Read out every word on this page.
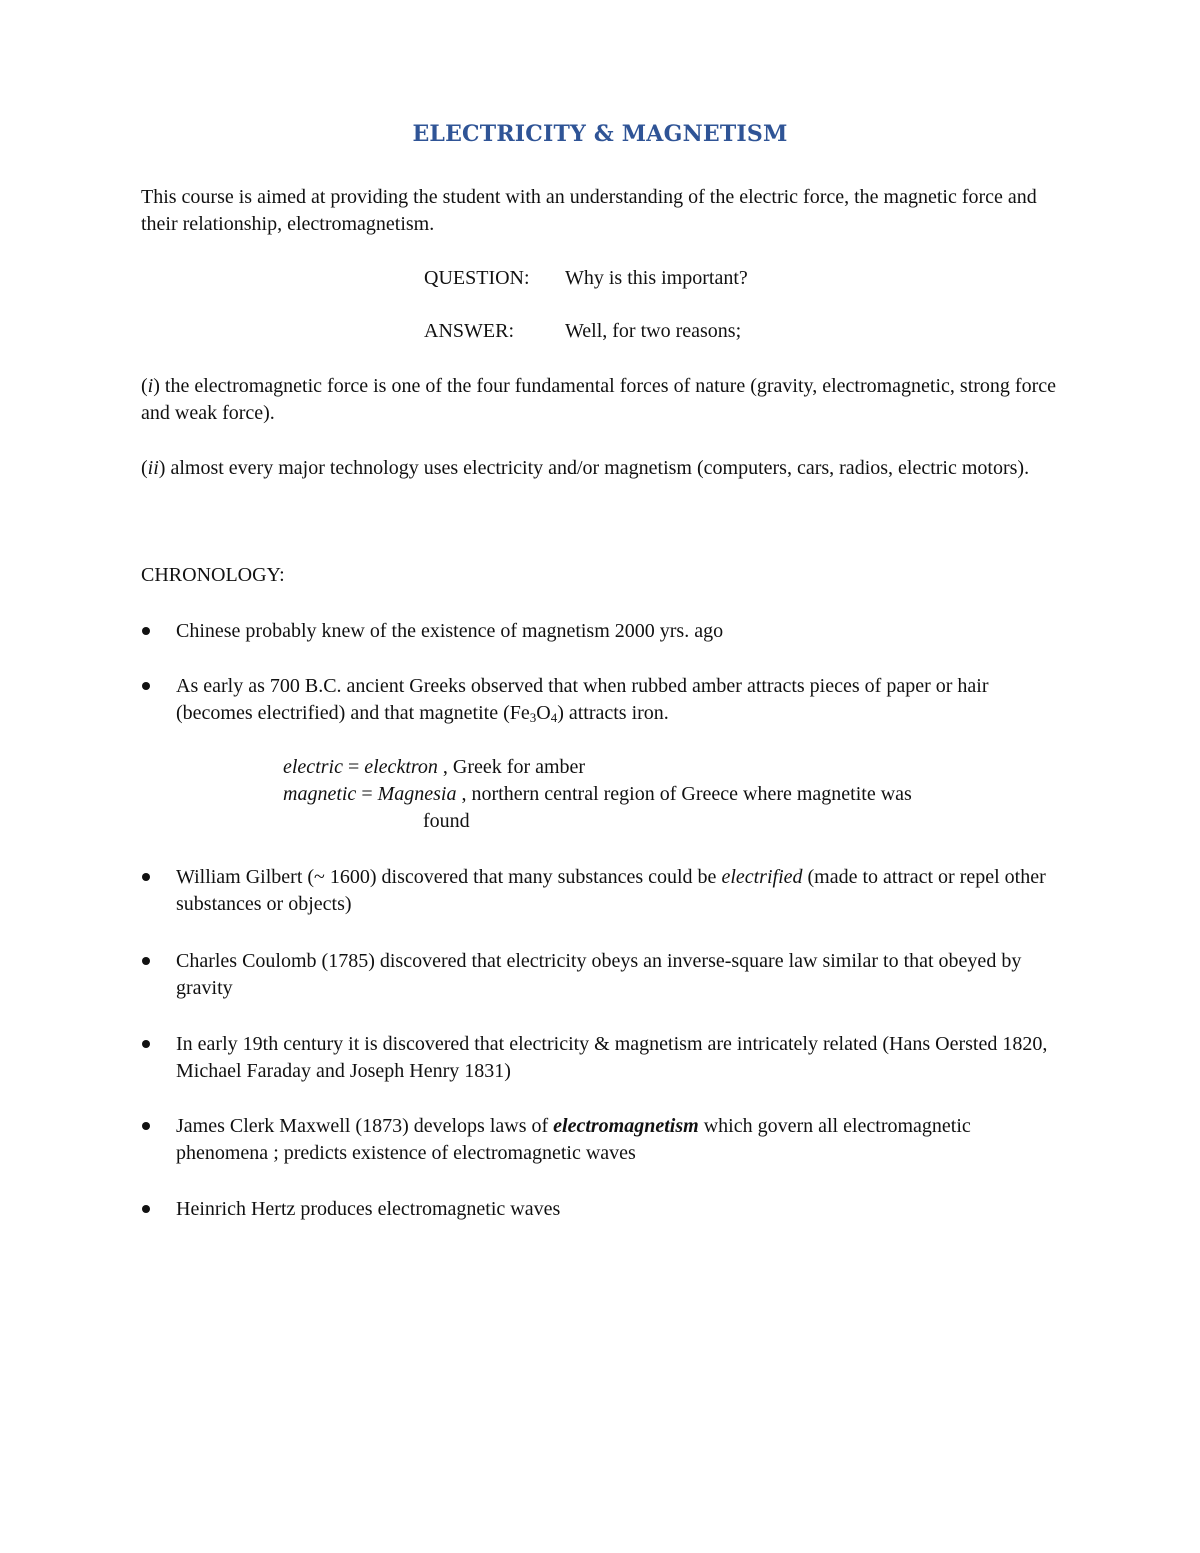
ELECTRICITY & MAGNETISM

This course is aimed at providing the student with an understanding of the electric force, the magnetic force and their relationship, electromagnetism.

QUESTION: Why is this important?
ANSWER:	Well, for two reasons;

(i) the electromagnetic force is one of the four fundamental forces of nature (gravity, electromagnetic, strong force and weak force).

(ii) almost every major technology uses electricity and/or magnetism (computers, cars, radios, electric motors).

CHRONOLOGY:

Chinese probably knew of the existence of magnetism 2000 yrs. ago

As early as 700 B.C. ancient Greeks observed that when rubbed amber attracts pieces of paper or hair (becomes electrified) and that magnetite $(Fe_3O_4)$ attracts iron.

electric = elecktron , Greek for amber
magnetic = Magnesia , northern central region of Greece where magnetite was
found

William Gilbert (~ 1600) discovered that many substances could be electrified (made to attract or repel other substances or objects)

Charles Coulomb (1785) discovered that electricity obeys an inverse-square law similar to that obeyed by gravity

In early 19th century it is discovered that electricity & magnetism are intricately related (Hans Oersted 1820, Michael Faraday and Joseph Henry 1831)

James Clerk Maxwell (1873) develops laws of electromagnetism which govern all electromagnetic phenomena ; predicts existence of electromagnetic waves

Heinrich Hertz produces electromagnetic waves
